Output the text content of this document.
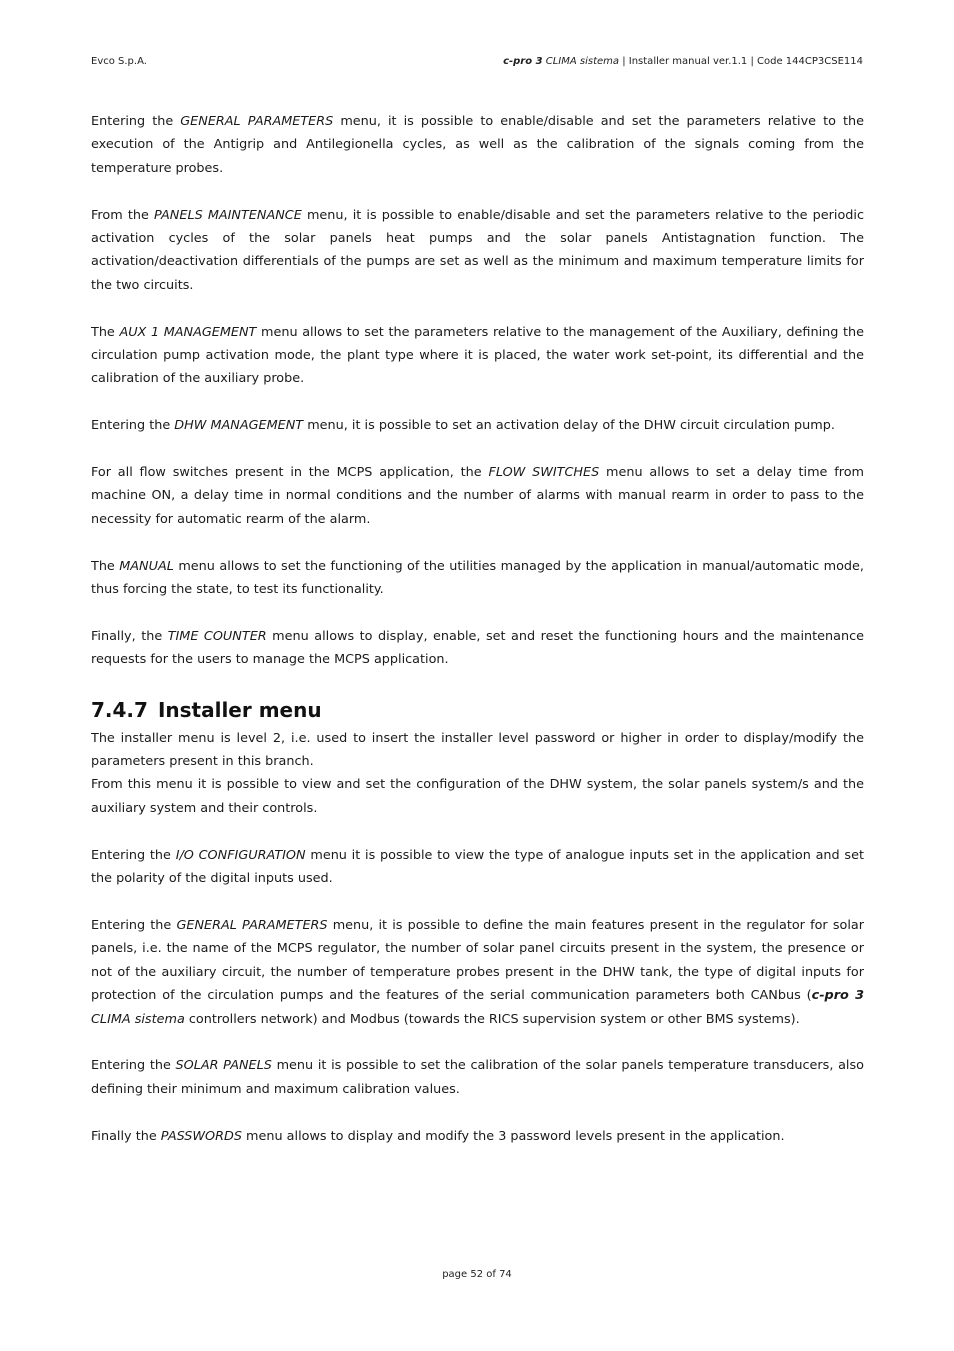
Evco S.p.A.	c-pro 3 CLIMA sistema | Installer manual ver.1.1 | Code 144CP3CSE114

Entering the GENERAL PARAMETERS menu, it is possible to enable/disable and set the parameters relative to the execution of the Antigrip and Antilegionella cycles, as well as the calibration of the signals coming from the temperature probes.

From the PANELS MAINTENANCE menu, it is possible to enable/disable and set the parameters relative to the periodic activation cycles of the solar panels heat pumps and the solar panels Antistagnation function. The activation/deactivation differentials of the pumps are set as well as the minimum and maximum temperature limits for the two circuits.

The AUX 1 MANAGEMENT menu allows to set the parameters relative to the management of the Auxiliary, defining the circulation pump activation mode, the plant type where it is placed, the water work set-point, its differential and the calibration of the auxiliary probe.

Entering the DHW MANAGEMENT menu, it is possible to set an activation delay of the DHW circuit circulation pump.

For all flow switches present in the MCPS application, the FLOW SWITCHES menu allows to set a delay time from machine ON, a delay time in normal conditions and the number of alarms with manual rearm in order to pass to the necessity for automatic rearm of the alarm.

The MANUAL menu allows to set the functioning of the utilities managed by the application in manual/automatic mode, thus forcing the state, to test its functionality.

Finally, the TIME COUNTER menu allows to display, enable, set and reset the functioning hours and the maintenance requests for the users to manage the MCPS application.

7.4.7 Installer menu

The installer menu is level 2, i.e. used to insert the installer level password or higher in order to display/modify the parameters present in this branch.

From this menu it is possible to view and set the configuration of the DHW system, the solar panels system/s and the auxiliary system and their controls.

Entering the I/O CONFIGURATION menu it is possible to view the type of analogue inputs set in the application and set the polarity of the digital inputs used.

Entering the GENERAL PARAMETERS menu, it is possible to define the main features present in the regulator for solar panels, i.e. the name of the MCPS regulator, the number of solar panel circuits present in the system, the presence or not of the auxiliary circuit, the number of temperature probes present in the DHW tank, the type of digital inputs for protection of the circulation pumps and the features of the serial communication parameters both CANbus (c-pro 3 CLIMA sistema controllers network) and Modbus (towards the RICS supervision system or other BMS systems).

Entering the SOLAR PANELS menu it is possible to set the calibration of the solar panels temperature transducers, also defining their minimum and maximum calibration values.

Finally the PASSWORDS menu allows to display and modify the 3 password levels present in the application.

page 52 of 74
